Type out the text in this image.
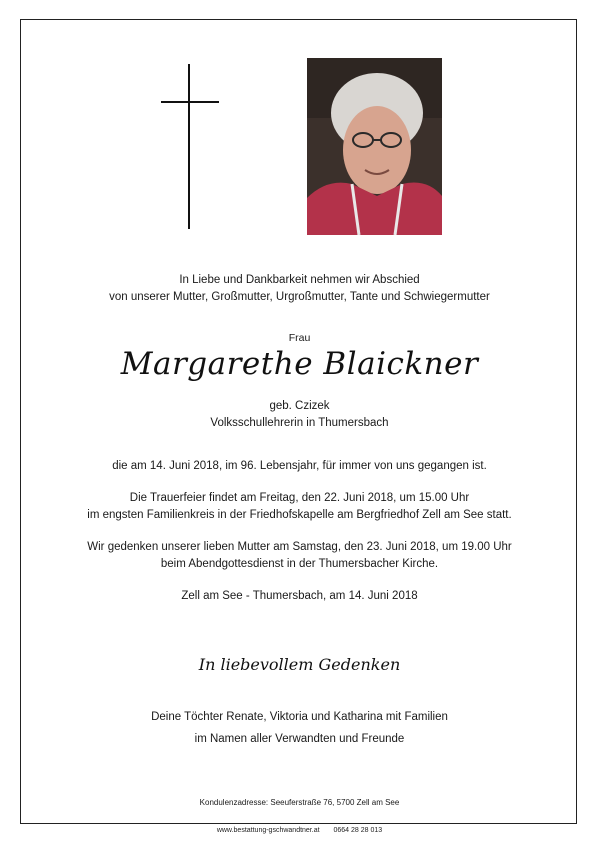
In Liebe und Dankbarkeit nehmen wir Abschied
von unserer Mutter, Großmutter, Urgroßmutter, Tante und Schwiegermutter
Frau
Margarethe Blaickner
geb. Czizek
Volksschullehrerin in Thumersbach
die am 14. Juni 2018, im 96. Lebensjahr, für immer von uns gegangen ist.
Die Trauerfeier findet am Freitag, den 22. Juni 2018, um 15.00 Uhr
im engsten Familienkreis in der Friedhofskapelle am Bergfriedhof Zell am See statt.
Wir gedenken unserer lieben Mutter am Samstag, den 23. Juni 2018, um 19.00 Uhr
beim Abendgottesdienst in der Thumersbacher Kirche.
Zell am See - Thumersbach, am 14. Juni 2018
In liebevollem Gedenken
Deine Töchter Renate, Viktoria und Katharina mit Familien
im Namen aller Verwandten und Freunde
Kondulenzadresse: Seeuferstraße 76, 5700 Zell am See
www.bestattung-gschwandtner.at 0664 28 28 013
